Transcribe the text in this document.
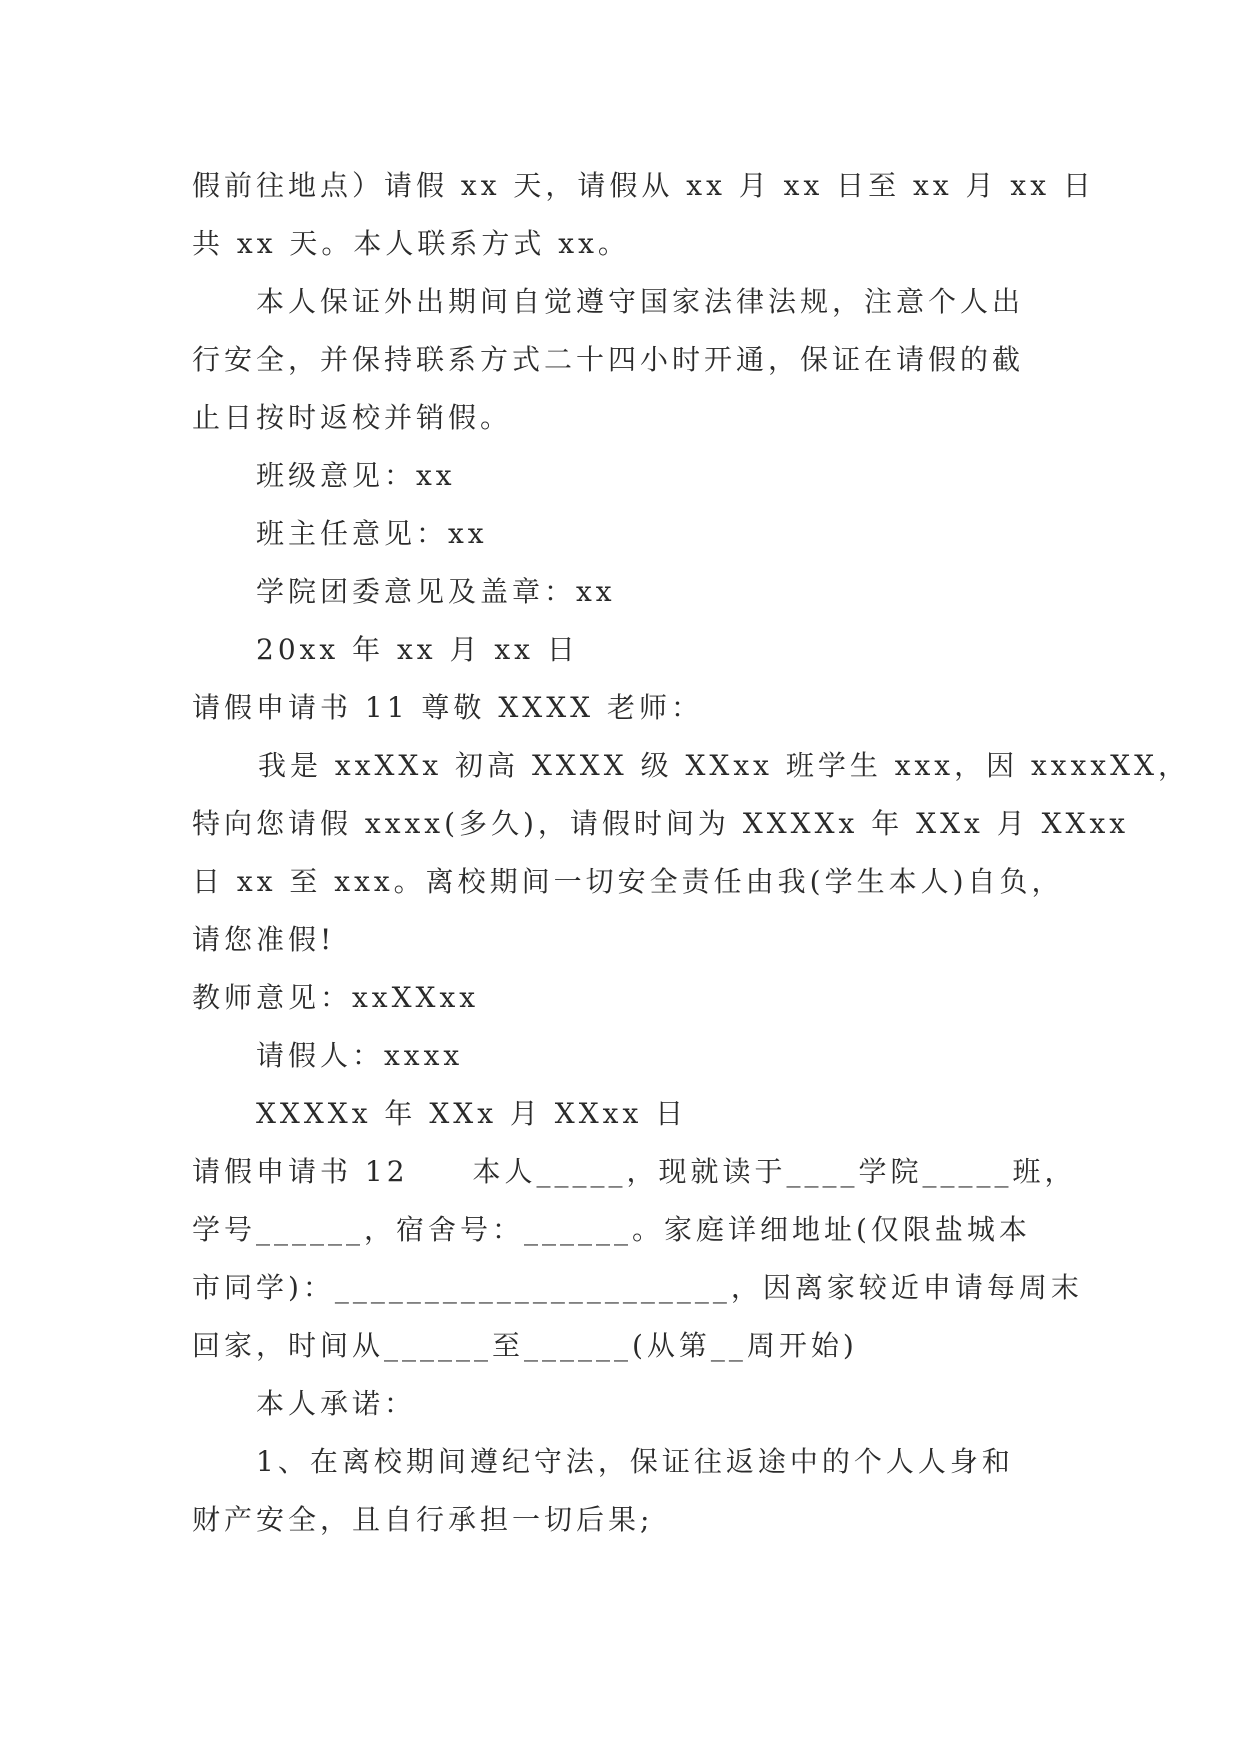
假前往地点）请假 xx 天，请假从 xx 月 xx 日至 xx 月 xx 日
共 xx 天。本人联系方式 xx。
本人保证外出期间自觉遵守国家法律法规，注意个人出
行安全，并保持联系方式二十四小时开通，保证在请假的截
止日按时返校并销假。
班级意见：xx
班主任意见：xx
学院团委意见及盖章：xx
20xx 年 xx 月 xx 日
请假申请书 11 尊敬 XXXX 老师：
我是 xxXXx 初高 XXXX 级 XXxx 班学生 xxx，因 xxxxXX，
特向您请假 xxxx(多久)，请假时间为 XXXXx 年 XXx 月 XXxx
日 xx 至 xxx。离校期间一切安全责任由我(学生本人)自负，
请您准假!
教师意见：xxXXxx
请假人：xxxx
XXXXx 年 XXx 月 XXxx 日
请假申请书 12　　本人_____，现就读于____学院_____班，
学号______，宿舍号：______。家庭详细地址(仅限盐城本
市同学)：______________________，因离家较近申请每周末
回家，时间从______至______(从第__周开始)
本人承诺：
1、在离校期间遵纪守法，保证往返途中的个人人身和
财产安全，且自行承担一切后果;
